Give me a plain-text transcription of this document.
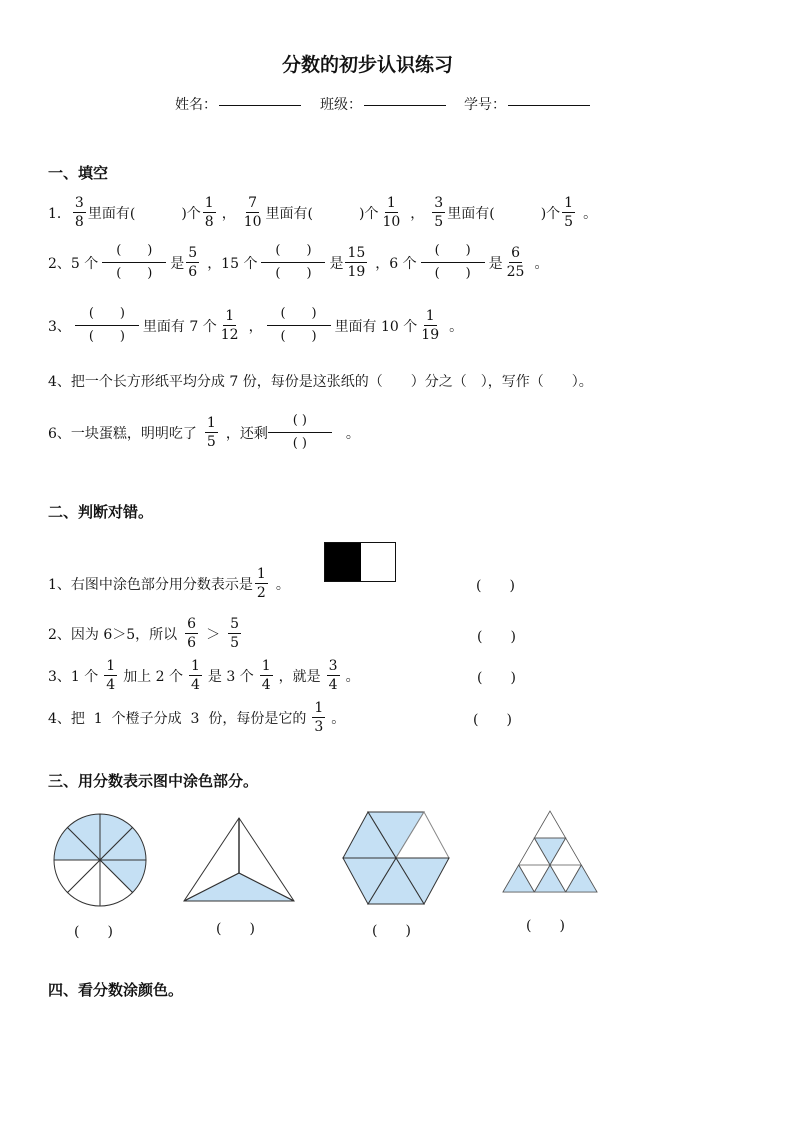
分数的初步认识练习
姓名：	班级：	学号：
一、填空
1． $\frac{3}{8}$ 里面有(	)个 $\frac{1}{8}$ ， $\frac{7}{10}$ 里面有(	)个 $\frac{1}{10}$ ， $\frac{3}{5}$ 里面有(	)个 $\frac{1}{5}$ 。
2、5 个 $\frac{( )}{( )}$ 是 $\frac{5}{6}$ ，15 个 $\frac{( )}{( )}$ 是 $\frac{15}{19}$ ，6 个 $\frac{( )}{( )}$ 是 $\frac{6}{25}$ 。
3、 $\frac{( )}{( )}$ 里面有 7 个 $\frac{1}{12}$ ， $\frac{( )}{( )}$ 里面有 10 个 $\frac{1}{19}$ 。
4、把一个长方形纸平均分成 7 份，每份是这张纸的（　　）分之（　），写作（　　）。
6、一块蛋糕，明明吃了 $\frac{1}{5}$ ，还剩 $\frac{( )}{( )}$ 。
二、判断对错。
1、右图中涂色部分用分数表示是 $\frac{1}{2}$ 。	(　　)
2、因为 6＞5，所以 $\frac{6}{6} > \frac{5}{5}$	(　　)
3、1 个 $\frac{1}{4}$ 加上 2 个 $\frac{1}{4}$ 是 3 个 $\frac{1}{4}$ ，就是 $\frac{3}{4}$ 。	(　　)
4、把  1  个橙子分成  3  份，每份是它的 $\frac{1}{3}$ 。	(　　)
三、用分数表示图中涂色部分。
(　　)	(　　)	(　　)	(　　)
四、看分数涂颜色。
